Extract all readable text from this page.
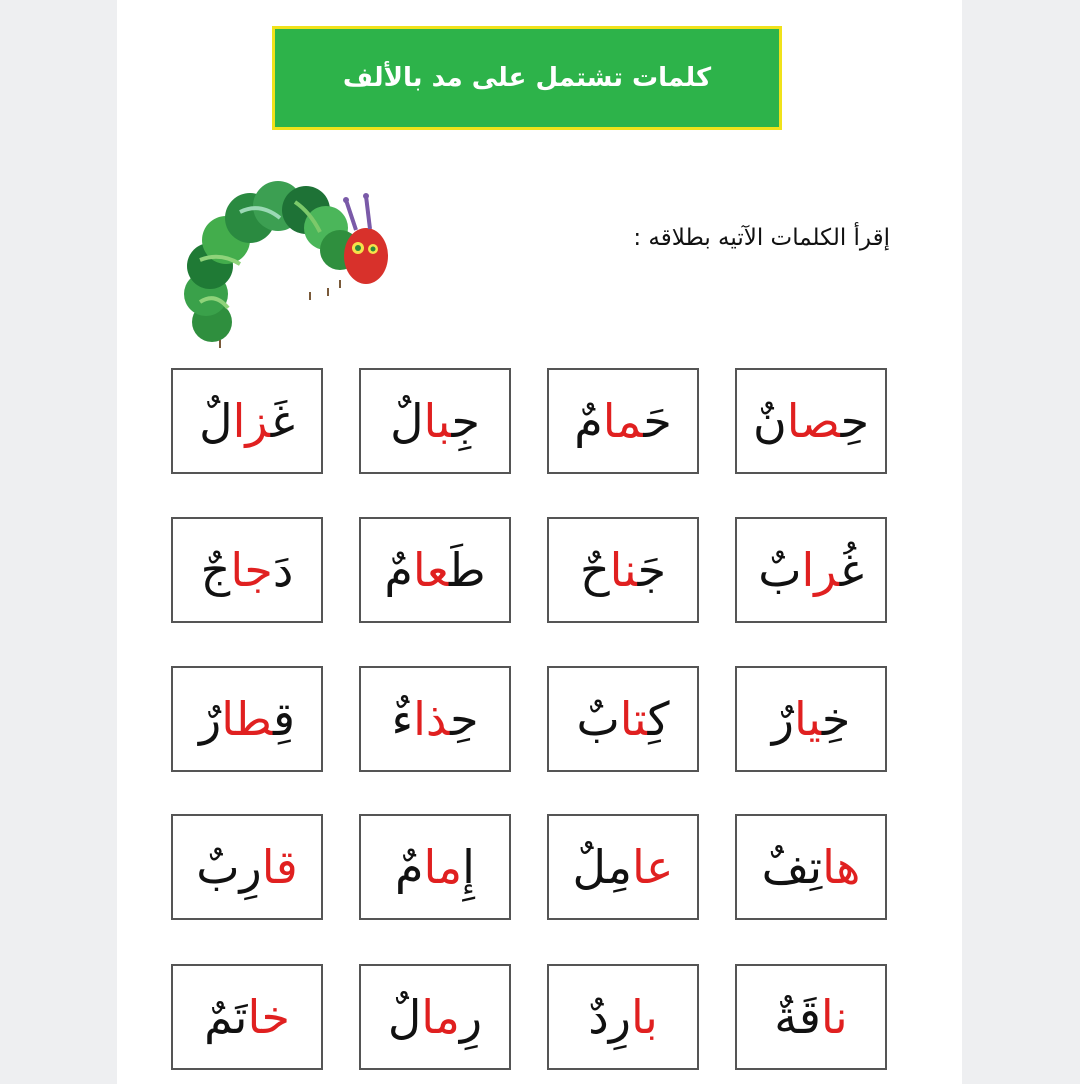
كلمات تشتمل على مد بالألف
إقرأ الكلمات الآتيه بطلاقه :
حِصانٌ
حَمامٌ
جِبالٌ
غَزالٌ
غُرابٌ
جَناحٌ
طَعامٌ
دَجاجٌ
خِيارٌ
كِتابٌ
حِذاءٌ
قِطارٌ
هاتِفٌ
عامِلٌ
إِمامٌ
قارِبٌ
ناقَةٌ
بارِدٌ
رِمالٌ
خاتَمٌ
